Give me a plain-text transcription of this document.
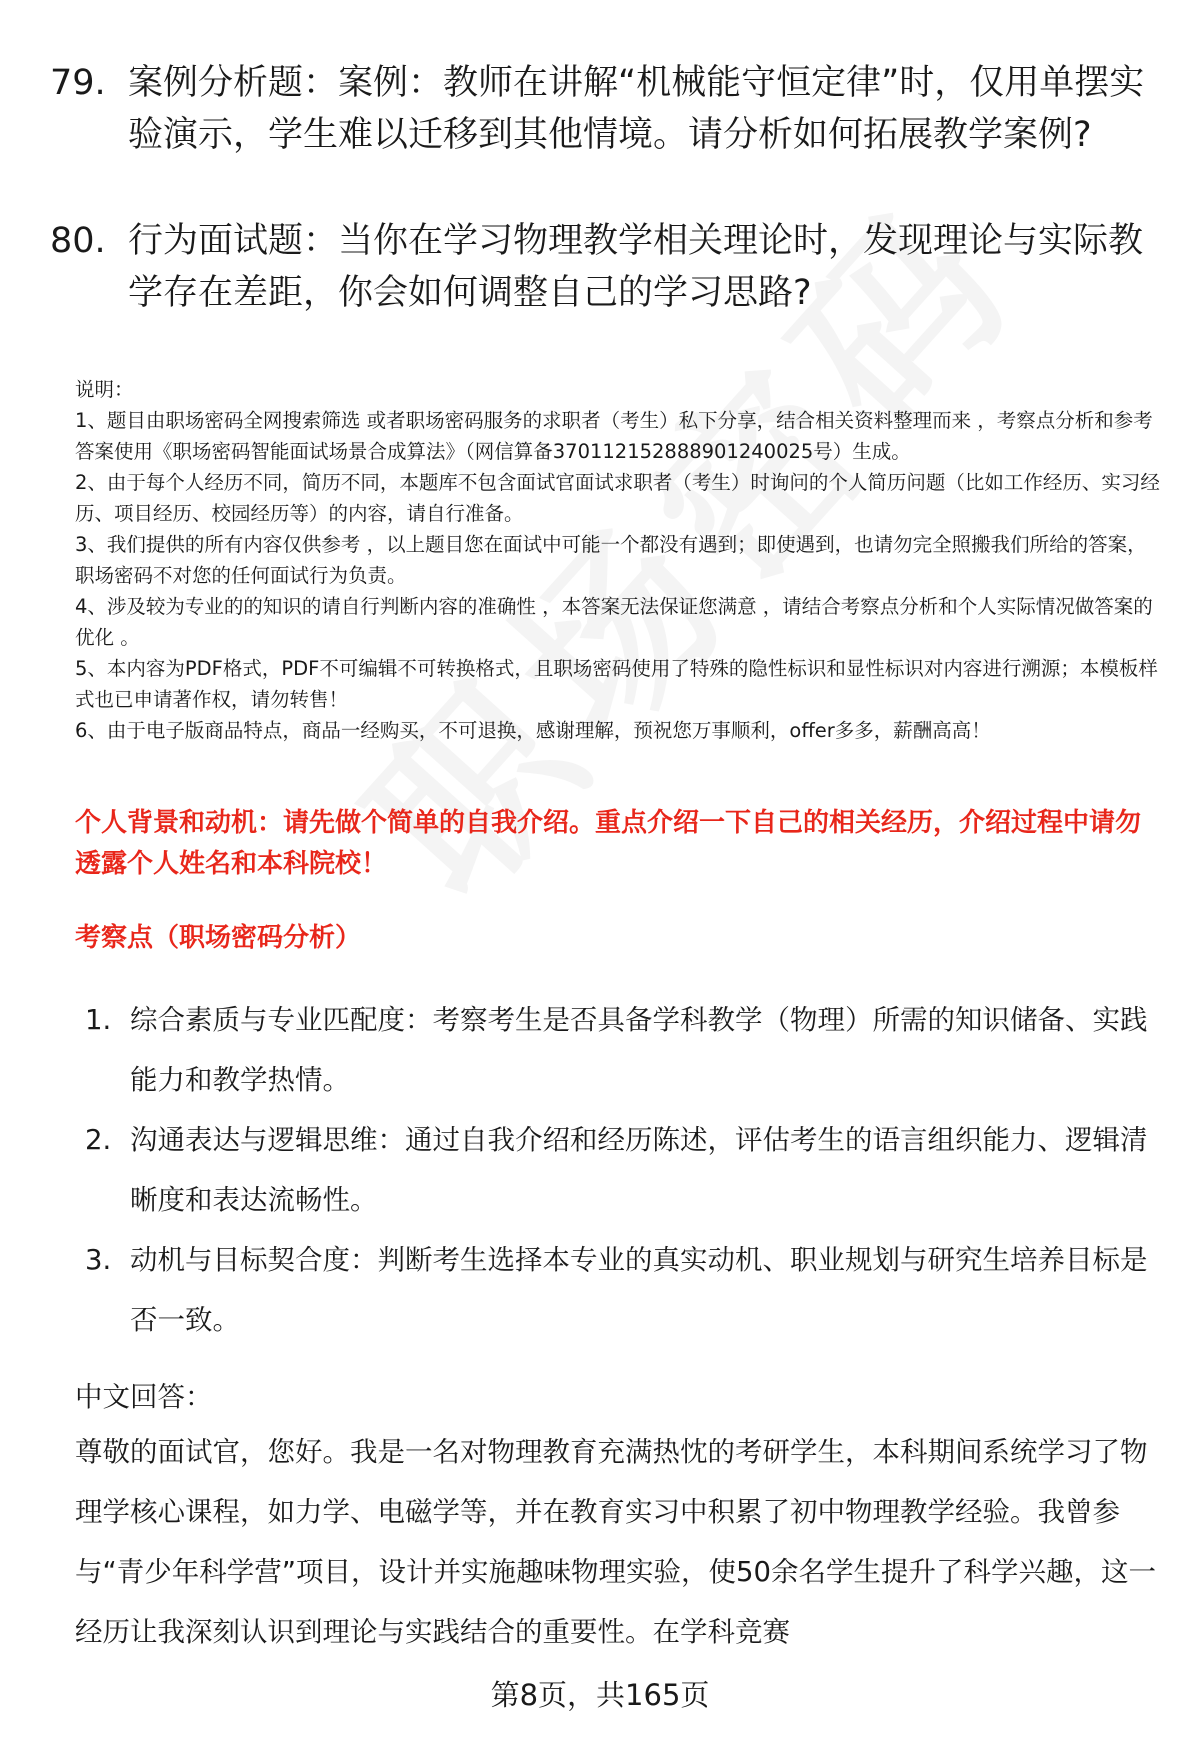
79. 案例分析题：案例：教师在讲解“机械能守恒定律”时，仅用单摆实验演示，学生难以迁移到其他情境。请分析如何拓展教学案例?
80. 行为面试题：当你在学习物理教学相关理论时，发现理论与实际教学存在差距，你会如何调整自己的学习思路?

说明：

1、题目由职场密码全网搜索筛选 或者职场密码服务的求职者（考生）私下分享，结合相关资料整理而来 ，考察点分析和参考答案使用《职场密码智能面试场景合成算法》（网信算备370112152888901240025号）生成。

2、由于每个人经历不同，简历不同，本题库不包含面试官面试求职者（考生）时询问的个人简历问题（比如工作经历、实习经历、项目经历、校园经历等）的内容，请自行准备。

3、我们提供的所有内容仅供参考 ，以上题目您在面试中可能一个都没有遇到；即使遇到，也请勿完全照搬我们所给的答案，职场密码不对您的任何面试行为负责。

4、涉及较为专业的的知识的请自行判断内容的准确性 ，本答案无法保证您满意 ，请结合考察点分析和个人实际情况做答案的优化 。

5、本内容为PDF格式，PDF不可编辑不可转换格式，且职场密码使用了特殊的隐性标识和显性标识对内容进行溯源；本模板样式也已申请著作权，请勿转售！

6、由于电子版商品特点，商品一经购买，不可退换，感谢理解，预祝您万事顺利，offer多多，薪酬高高！

个人背景和动机：请先做个简单的自我介绍。重点介绍一下自己的相关经历，介绍过程中请勿透露个人姓名和本科院校！
考察点（职场密码分析）
1. 综合素质与专业匹配度：考察考生是否具备学科教学（物理）所需的知识储备、实践能力和教学热情。
2. 沟通表达与逻辑思维：通过自我介绍和经历陈述，评估考生的语言组织能力、逻辑清晰度和表达流畅性。
3. 动机与目标契合度：判断考生选择本专业的真实动机、职业规划与研究生培养目标是否一致。
中文回答：
尊敬的面试官，您好。我是一名对物理教育充满热忱的考研学生，本科期间系统学习了物理学核心课程，如力学、电磁学等，并在教育实习中积累了初中物理教学经验。我曾参与“青少年科学营”项目，设计并实施趣味物理实验，使50余名学生提升了科学兴趣，这一经历让我深刻认识到理论与实践结合的重要性。在学科竞赛
第8页，共165页
